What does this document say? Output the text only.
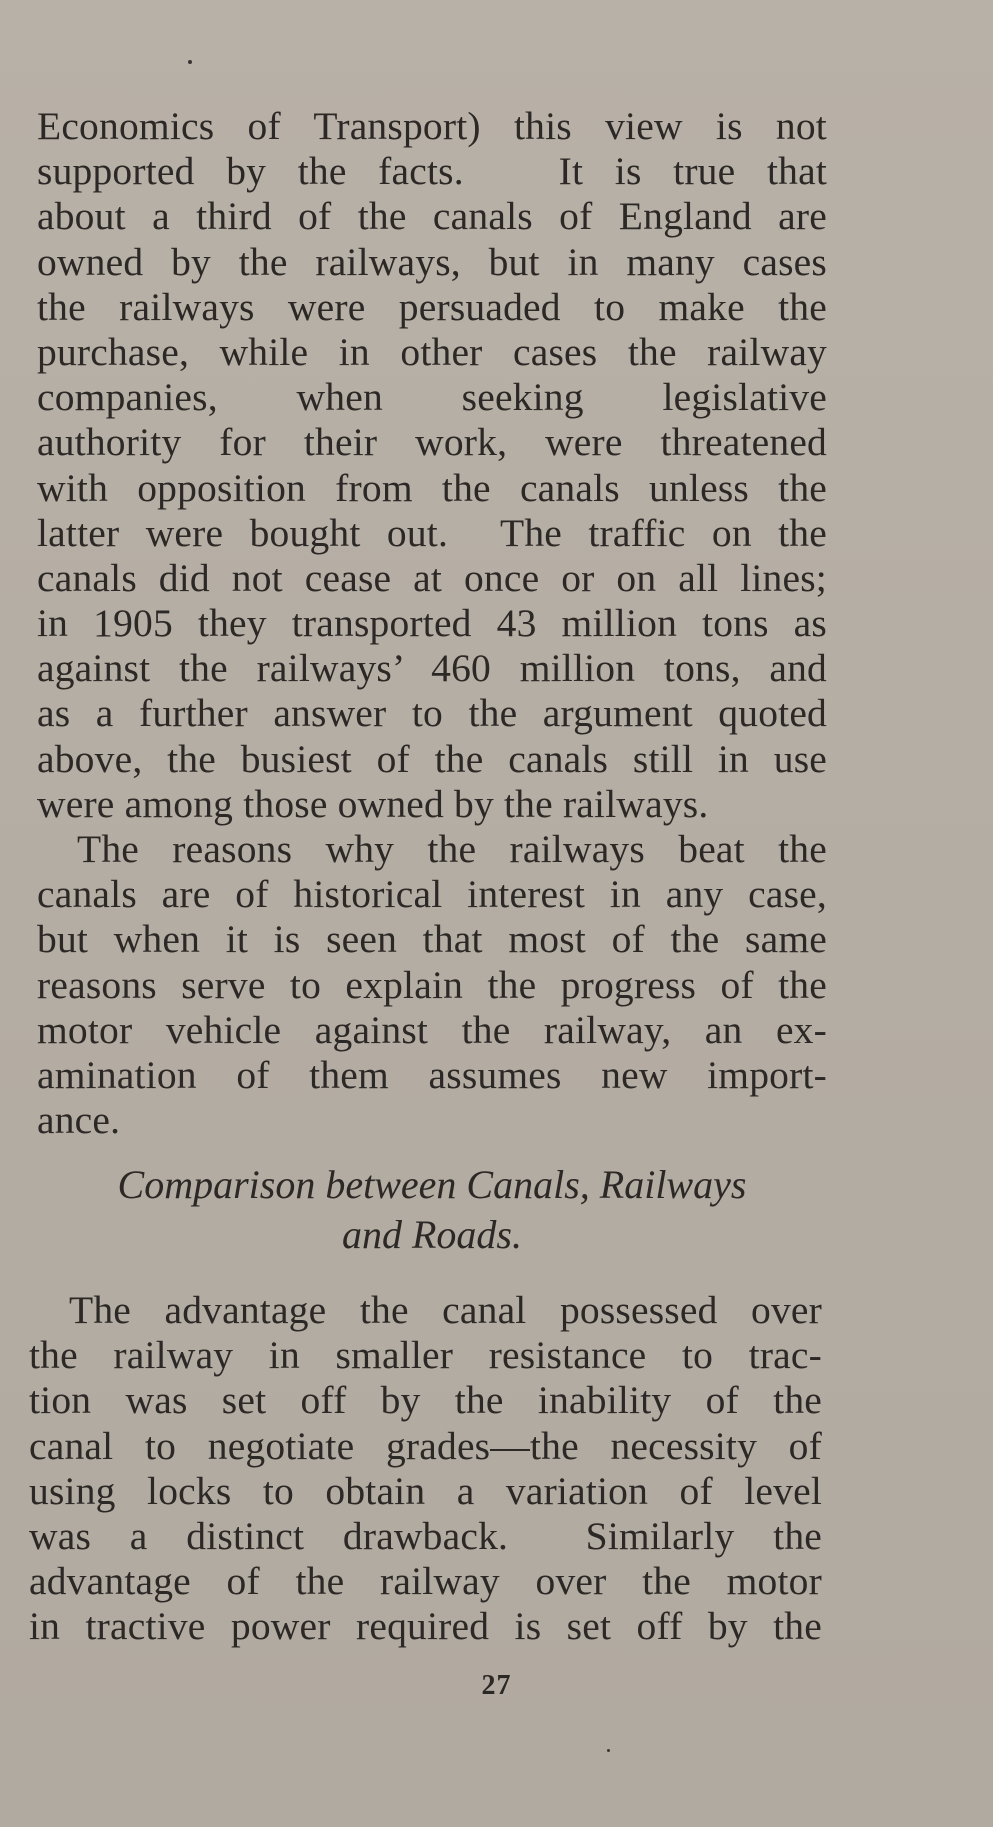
Economics of Transport) this view is not
supported by the facts.   It is true that
about a third of the canals of England are
owned by the railways, but in many cases
the railways were persuaded to make the
purchase, while in other cases the railway
companies, when seeking legislative
authority for their work, were threatened
with opposition from the canals unless the
latter were bought out.  The traffic on the
canals did not cease at once or on all lines;
in 1905 they transported 43 million tons as
against the railways’ 460 million tons, and
as a further answer to the argument quoted
above, the busiest of the canals still in use
were among those owned by the railways.
The reasons why the railways beat the
canals are of historical interest in any case,
but when it is seen that most of the same
reasons serve to explain the progress of the
motor vehicle against the railway, an ex-
amination of them assumes new import-
ance.
Comparison between Canals, Railways
and Roads.
The advantage the canal possessed over
the railway in smaller resistance to trac-
tion was set off by the inability of the
canal to negotiate grades—the necessity of
using locks to obtain a variation of level
was a distinct drawback.  Similarly the
advantage of the railway over the motor
in tractive power required is set off by the
27
